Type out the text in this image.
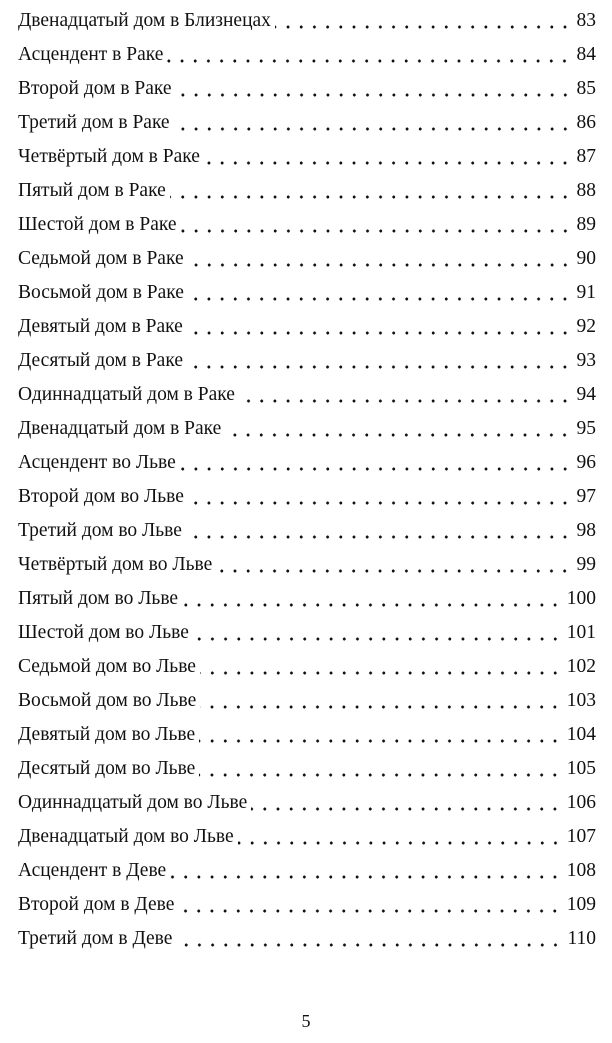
Двенадцатый дом в Близнецах	83
Асцендент в Раке	84
Второй дом в Раке	85
Третий дом в Раке	86
Четвёртый дом в Раке	87
Пятый дом в Раке	88
Шестой дом в Раке	89
Седьмой дом в Раке	90
Восьмой дом в Раке	91
Девятый дом в Раке	92
Десятый дом в Раке	93
Одиннадцатый дом в Раке	94
Двенадцатый дом в Раке	95
Асцендент во Льве	96
Второй дом во Льве	97
Третий дом во Льве	98
Четвёртый дом во Льве	99
Пятый дом во Льве	100
Шестой дом во Льве	101
Седьмой дом во Льве	102
Восьмой дом во Льве	103
Девятый дом во Льве	104
Десятый дом во Льве	105
Одиннадцатый дом во Льве	106
Двенадцатый дом во Льве	107
Асцендент в Деве	108
Второй дом в Деве	109
Третий дом в Деве	110
5
